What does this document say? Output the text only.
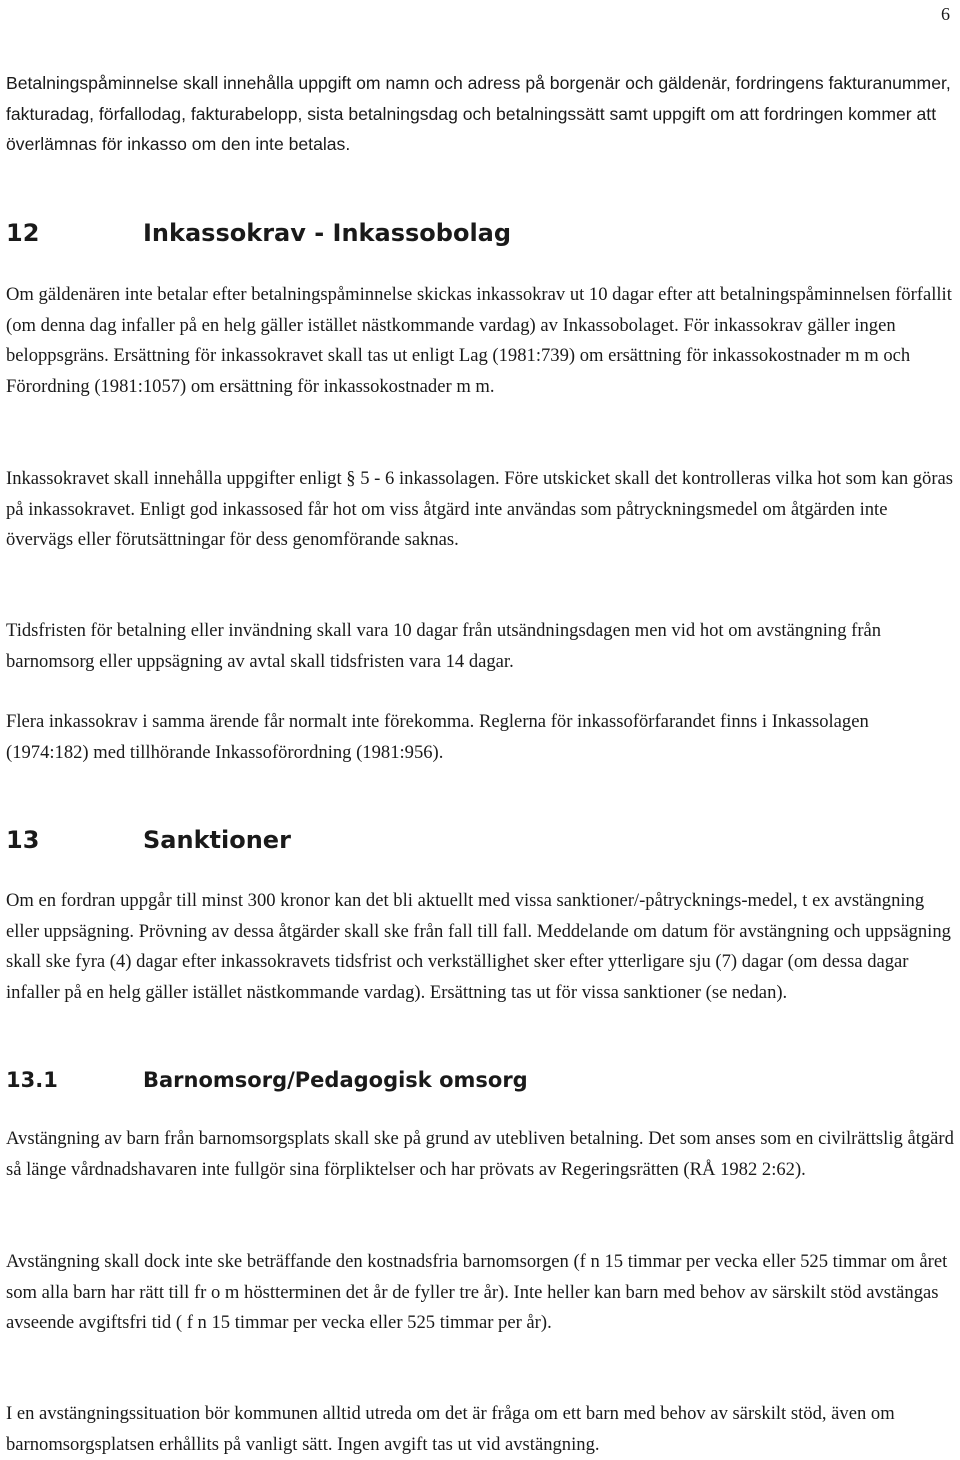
6

Betalningspåminnelse skall innehålla uppgift om namn och adress på borgenär och gäldenär, fordringens fakturanummer, fakturadag, förfallodag, fakturabelopp, sista betalningsdag och betalningssätt samt uppgift om att fordringen kommer att överlämnas för inkasso om den inte betalas.

12	Inkassokrav - Inkassobolag

Om gäldenären inte betalar efter betalningspåminnelse skickas inkassokrav ut 10 dagar efter att betalningspåminnelsen förfallit (om denna dag infaller på en helg gäller istället nästkommande vardag) av Inkassobolaget. För inkassokrav gäller ingen beloppsgräns. Ersättning för inkassokravet skall tas ut enligt Lag (1981:739) om ersättning för inkassokostnader m m och Förordning (1981:1057) om ersättning för inkassokostnader m m.

Inkassokravet skall innehålla uppgifter enligt § 5 - 6 inkassolagen. Före utskicket skall det kontrolleras vilka hot som kan göras på inkassokravet. Enligt god inkassosed får hot om viss åtgärd inte användas som påtryckningsmedel om åtgärden inte övervägs eller förutsättningar för dess genomförande saknas.

Tidsfristen för betalning eller invändning skall vara 10 dagar från utsändningsdagen men vid hot om avstängning från barnomsorg eller uppsägning av avtal skall tidsfristen vara 14 dagar.

Flera inkassokrav i samma ärende får normalt inte förekomma. Reglerna för inkassoförfarandet finns i Inkassolagen (1974:182) med tillhörande Inkassoförordning (1981:956).

13	Sanktioner

Om en fordran uppgår till minst 300 kronor kan det bli aktuellt med vissa sanktioner/-påtrycknings-medel, t ex avstängning eller uppsägning. Prövning av dessa åtgärder skall ske från fall till fall. Meddelande om datum för avstängning och uppsägning skall ske fyra (4) dagar efter inkassokravets tidsfrist och verkställighet sker efter ytterligare sju (7) dagar (om dessa dagar infaller på en helg gäller istället nästkommande vardag). Ersättning tas ut för vissa sanktioner (se nedan).

13.1	Barnomsorg/Pedagogisk omsorg

Avstängning av barn från barnomsorgsplats skall ske på grund av utebliven betalning. Det som anses som en civilrättslig åtgärd så länge vårdnadshavaren inte fullgör sina förpliktelser och har prövats av Regeringsrätten (RÅ 1982 2:62).

Avstängning skall dock inte ske beträffande den kostnadsfria barnomsorgen (f n 15 timmar per vecka eller 525 timmar om året som alla barn har rätt till fr o m höstterminen det år de fyller tre år). Inte heller kan barn med behov av särskilt stöd avstängas avseende avgiftsfri tid ( f n 15 timmar per vecka eller 525 timmar per år).

I en avstängningssituation bör kommunen alltid utreda om det är fråga om ett barn med behov av särskilt stöd, även om barnomsorgsplatsen erhållits på vanligt sätt. Ingen avgift tas ut vid avstängning.
